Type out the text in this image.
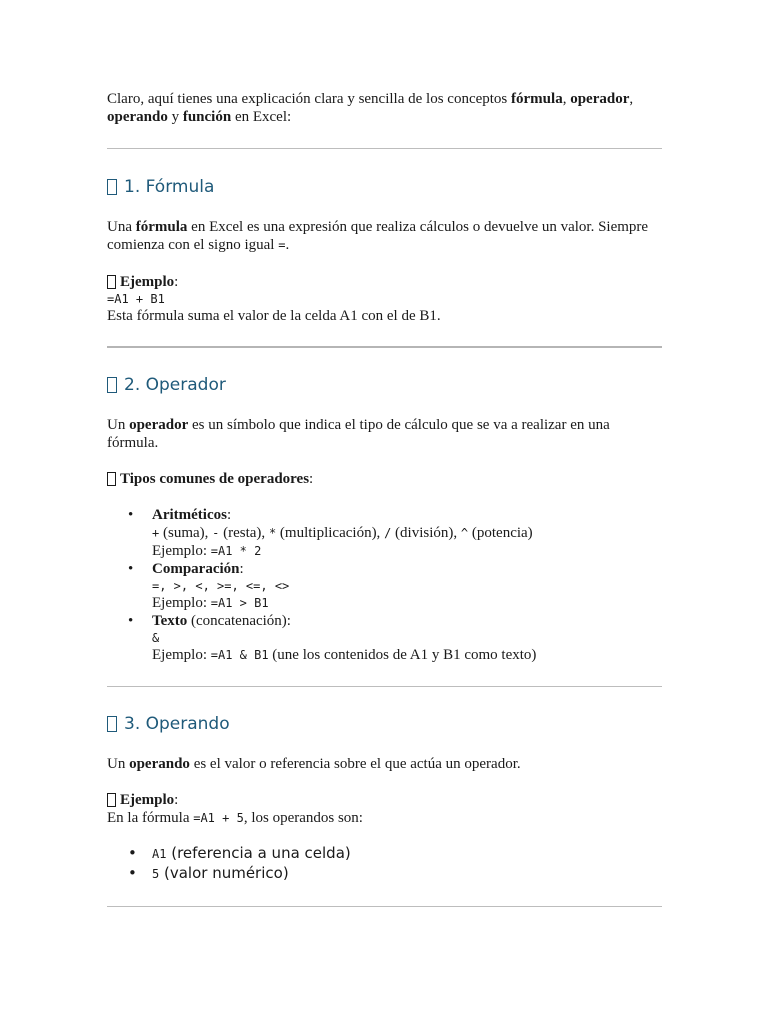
Claro, aquí tienes una explicación clara y sencilla de los conceptos fórmula, operador,
operando y función en Excel:

1. Fórmula

Una fórmula en Excel es una expresión que realiza cálculos o devuelve un valor. Siempre comienza con el signo igual =.

Ejemplo :

=A1 + B1

Esta fórmula suma el valor de la celda A1 con el de B1.

2. Operador

Un operador es un símbolo que indica el tipo de cálculo que se va a realizar en una fórmula.

Tipos comunes de operadores :

• Aritméticos:
+ (suma), - (resta), * (multiplicación), / (división), ^ (potencia)
Ejemplo: =A1 * 2
• Comparación:
=, >, <, >=, <=, <>
Ejemplo: =A1 > B1
• Texto (concatenación):
&
Ejemplo: =A1 & B1 (une los contenidos de A1 y B1 como texto)
3. Operando

Un operando es el valor o referencia sobre el que actúa un operador.

Ejemplo :

En la fórmula =A1 + 5, los operandos son:

• A1 (referencia a una celda)
• 5 (valor numérico)
